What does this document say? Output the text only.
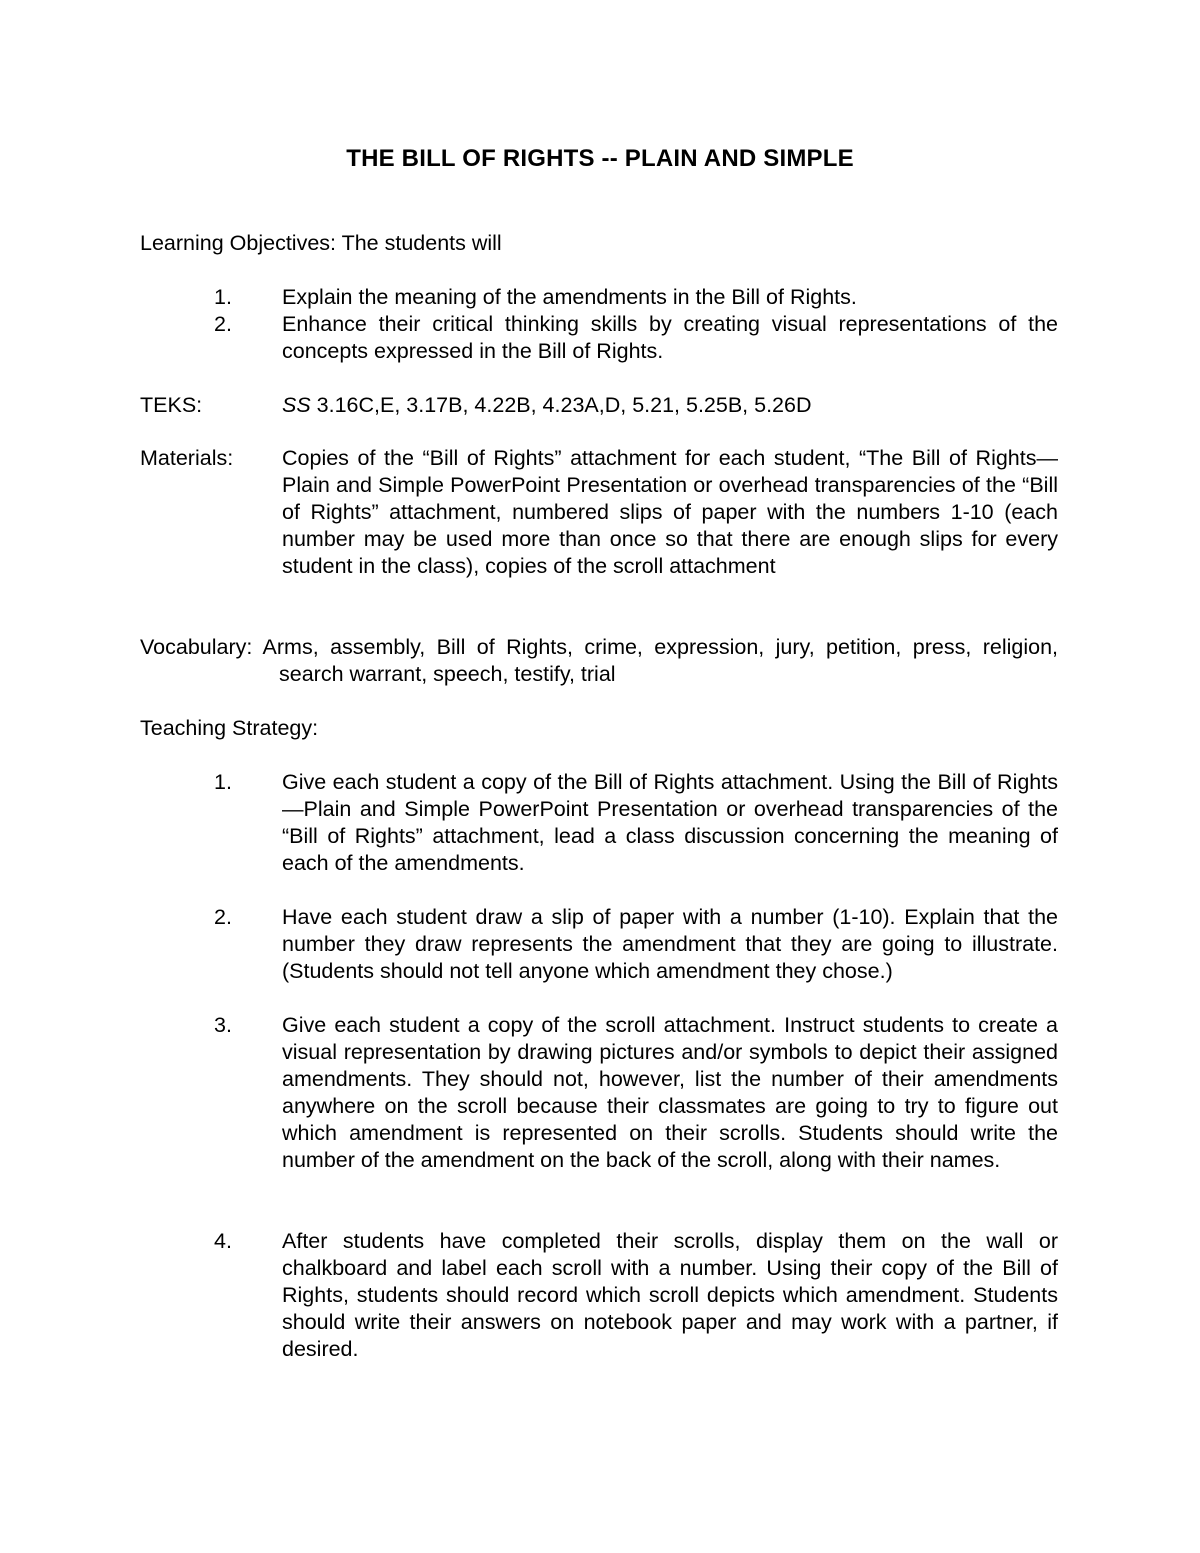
THE BILL OF RIGHTS -- PLAIN AND SIMPLE
Learning Objectives: The students will
1. Explain the meaning of the amendments in the Bill of Rights.
2. Enhance their critical thinking skills by creating visual representations of the concepts expressed in the Bill of Rights.
TEKS:	SS 3.16C,E, 3.17B, 4.22B, 4.23A,D, 5.21, 5.25B, 5.26D
Materials: Copies of the “Bill of Rights” attachment for each student, “The Bill of Rights—Plain and Simple PowerPoint Presentation or overhead transparencies of the “Bill of Rights” attachment, numbered slips of paper with the numbers 1-10 (each number may be used more than once so that there are enough slips for every student in the class), copies of the scroll attachment
Vocabulary: Arms, assembly, Bill of Rights, crime, expression, jury, petition, press, religion, search warrant, speech, testify, trial
Teaching Strategy:
1. Give each student a copy of the Bill of Rights attachment. Using the Bill of Rights—Plain and Simple PowerPoint Presentation or overhead transparencies of the “Bill of Rights” attachment, lead a class discussion concerning the meaning of each of the amendments.
2. Have each student draw a slip of paper with a number (1-10). Explain that the number they draw represents the amendment that they are going to illustrate. (Students should not tell anyone which amendment they chose.)
3. Give each student a copy of the scroll attachment. Instruct students to create a visual representation by drawing pictures and/or symbols to depict their assigned amendments. They should not, however, list the number of their amendments anywhere on the scroll because their classmates are going to try to figure out which amendment is represented on their scrolls. Students should write the number of the amendment on the back of the scroll, along with their names.
4. After students have completed their scrolls, display them on the wall or chalkboard and label each scroll with a number. Using their copy of the Bill of Rights, students should record which scroll depicts which amendment. Students should write their answers on notebook paper and may work with a partner, if desired.
